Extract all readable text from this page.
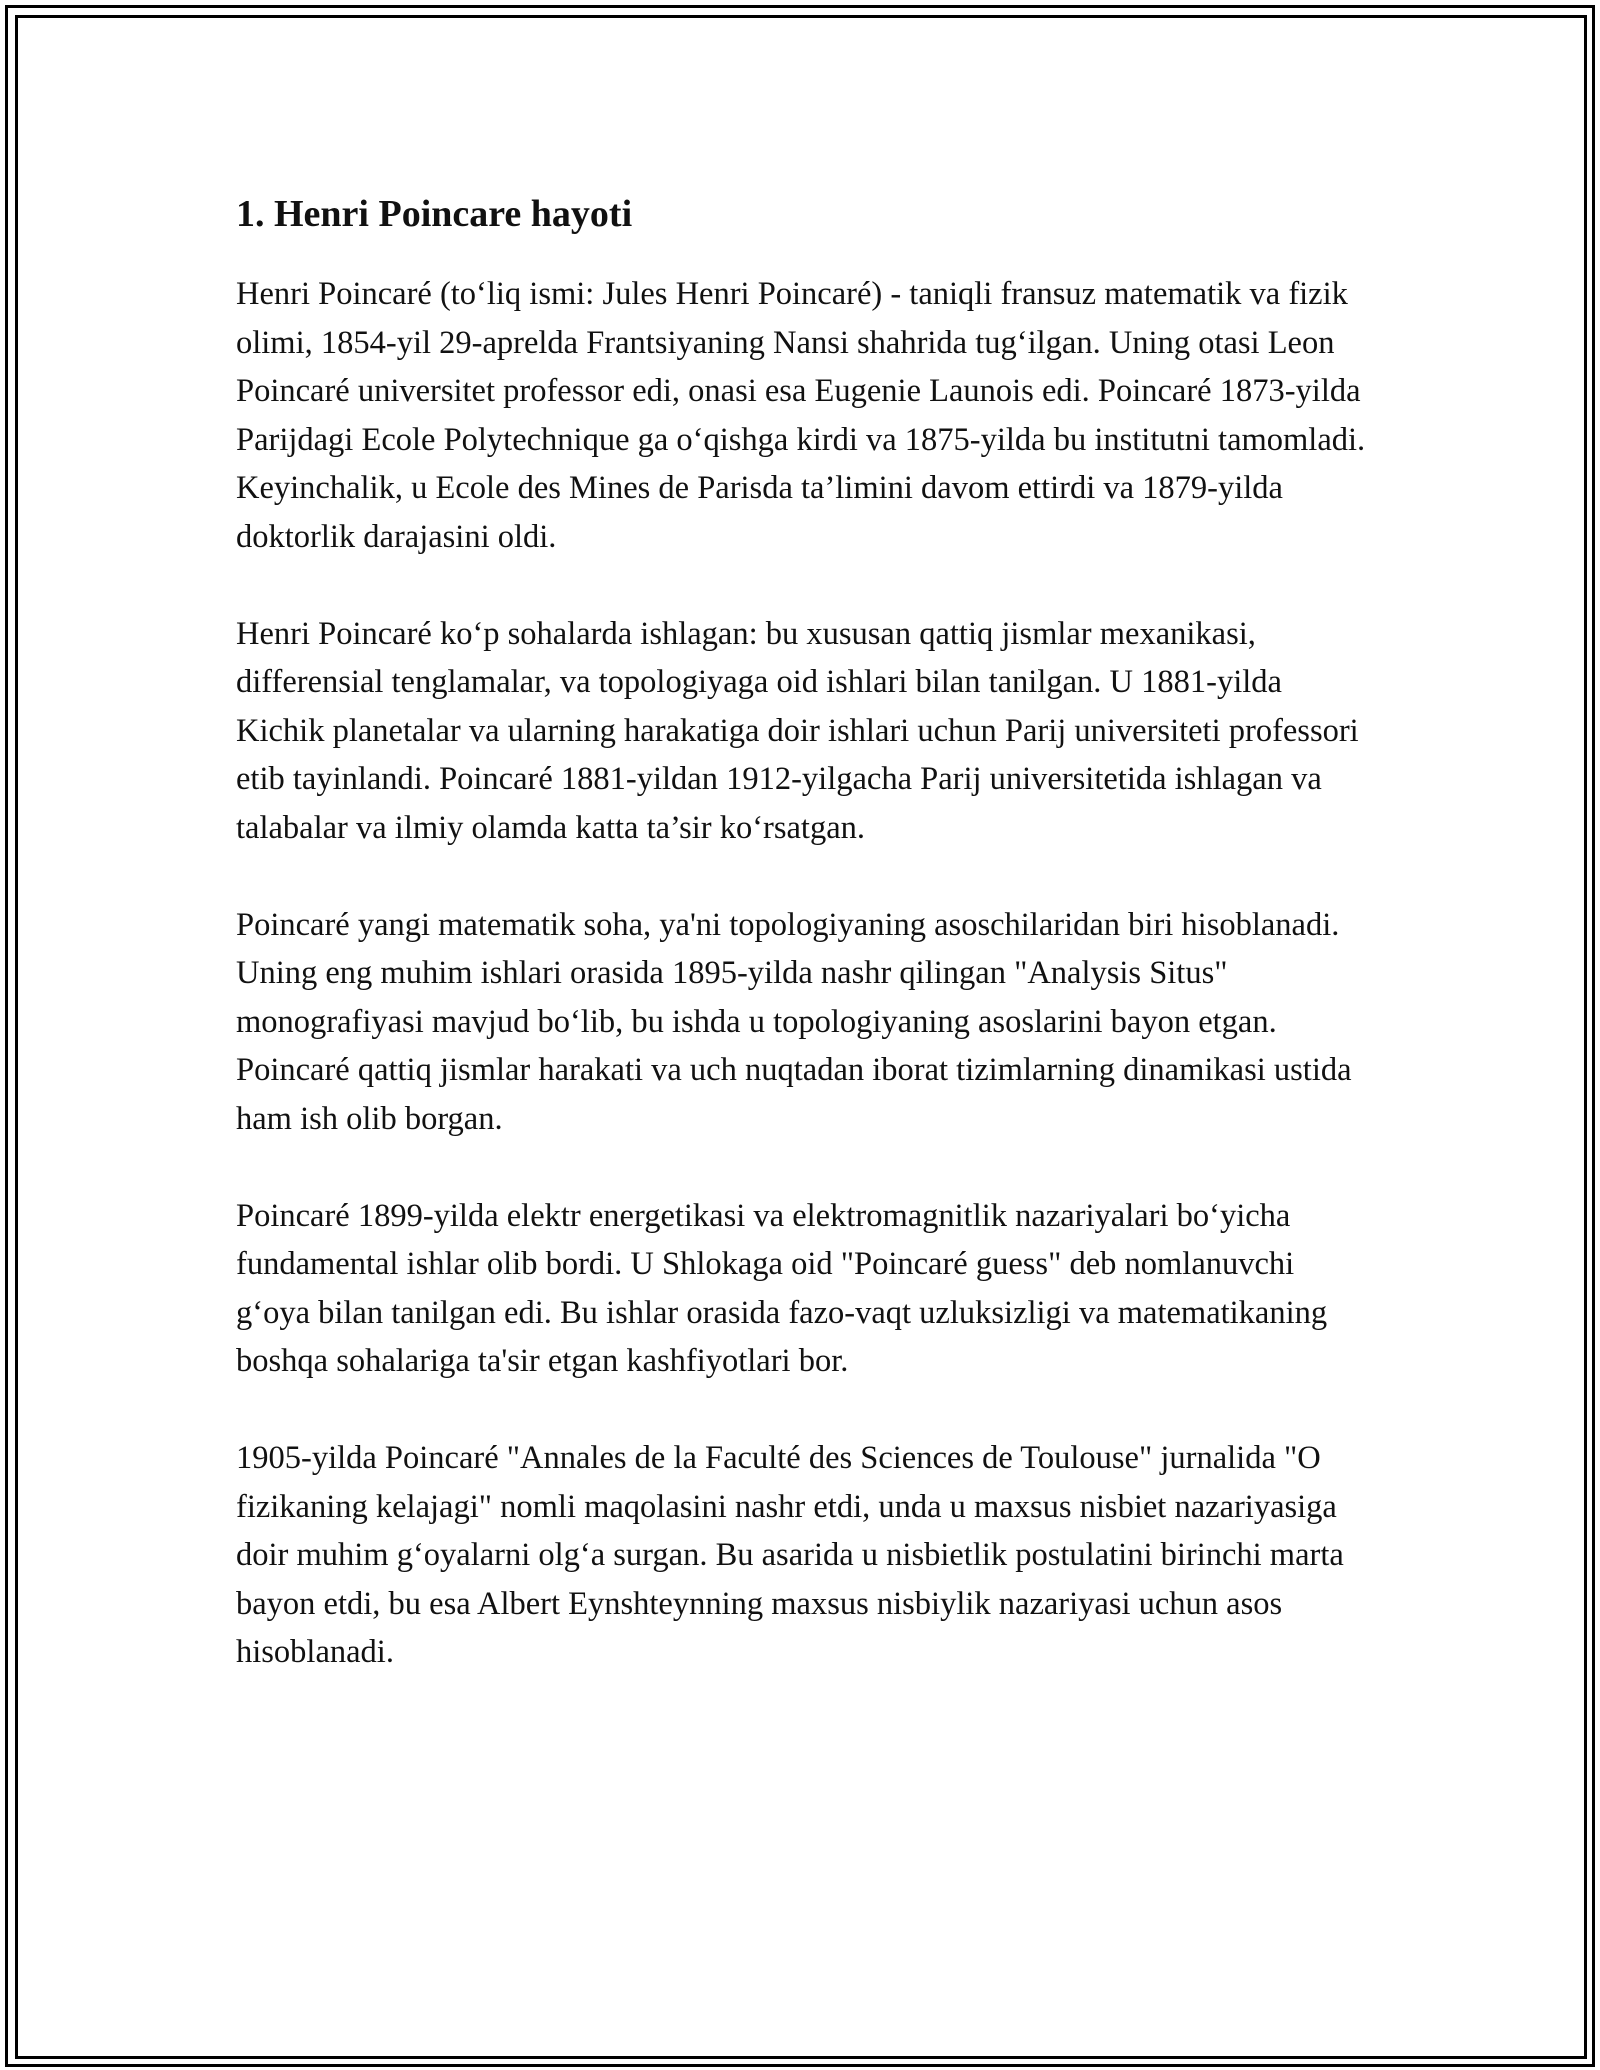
1. Henri Poincare hayoti

Henri Poincaré (to‘liq ismi: Jules Henri Poincaré) - taniqli fransuz matematik va fizik olimi, 1854-yil 29-aprelda Frantsiyaning Nansi shahrida tug‘ilgan. Uning otasi Leon Poincaré universitet professor edi, onasi esa Eugenie Launois edi. Poincaré 1873-yilda Parijdagi Ecole Polytechnique ga o‘qishga kirdi va 1875-yilda bu institutni tamomladi. Keyinchalik, u Ecole des Mines de Parisda ta’limini davom ettirdi va 1879-yilda doktorlik darajasini oldi.

Henri Poincaré ko‘p sohalarda ishlagan: bu xususan qattiq jismlar mexanikasi, differensial tenglamalar, va topologiyaga oid ishlari bilan tanilgan. U 1881-yilda Kichik planetalar va ularning harakatiga doir ishlari uchun Parij universiteti professori etib tayinlandi. Poincaré 1881-yildan 1912-yilgacha Parij universitetida ishlagan va talabalar va ilmiy olamda katta ta’sir ko‘rsatgan.

Poincaré yangi matematik soha, ya'ni topologiyaning asoschilaridan biri hisoblanadi. Uning eng muhim ishlari orasida 1895-yilda nashr qilingan "Analysis Situs" monografiyasi mavjud bo‘lib, bu ishda u topologiyaning asoslarini bayon etgan. Poincaré qattiq jismlar harakati va uch nuqtadan iborat tizimlarning dinamikasi ustida ham ish olib borgan.

Poincaré 1899-yilda elektr energetikasi va elektromagnitlik nazariyalari bo‘yicha fundamental ishlar olib bordi. U Shlokaga oid "Poincaré guess" deb nomlanuvchi g‘oya bilan tanilgan edi. Bu ishlar orasida fazo-vaqt uzluksizligi va matematikaning boshqa sohalariga ta'sir etgan kashfiyotlari bor.

1905-yilda Poincaré "Annales de la Faculté des Sciences de Toulouse" jurnalida "O fizikaning kelajagi" nomli maqolasini nashr etdi, unda u maxsus nisbiet nazariyasiga doir muhim g‘oyalarni olg‘a surgan. Bu asarida u nisbietlik postulatini birinchi marta bayon etdi, bu esa Albert Eynshteynning maxsus nisbiylik nazariyasi uchun asos hisoblanadi.
